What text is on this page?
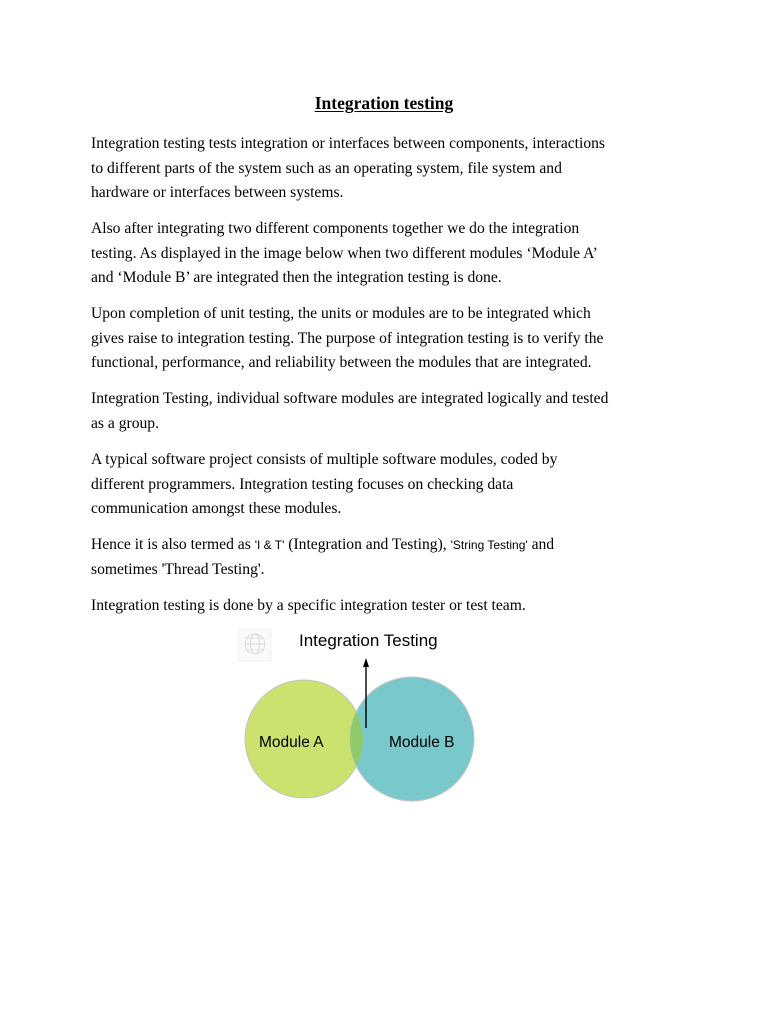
Integration testing
Integration testing tests integration or interfaces between components, interactions
to different parts of the system such as an operating system, file system and
hardware or interfaces between systems.
Also after integrating two different components together we do the integration
testing. As displayed in the image below when two different modules ‘Module A’
and ‘Module B’ are integrated then the integration testing is done.
Upon completion of unit testing, the units or modules are to be integrated which
gives raise to integration testing. The purpose of integration testing is to verify the
functional, performance, and reliability between the modules that are integrated.
Integration Testing, individual software modules are integrated logically and tested
as a group.
A typical software project consists of multiple software modules, coded by
different programmers. Integration testing focuses on checking data
communication amongst these modules.
Hence it is also termed as 'I & T' (Integration and Testing), 'String Testing' and
sometimes 'Thread Testing'.
Integration testing is done by a specific integration tester or test team.
Integration Testing
Module A	Module B
